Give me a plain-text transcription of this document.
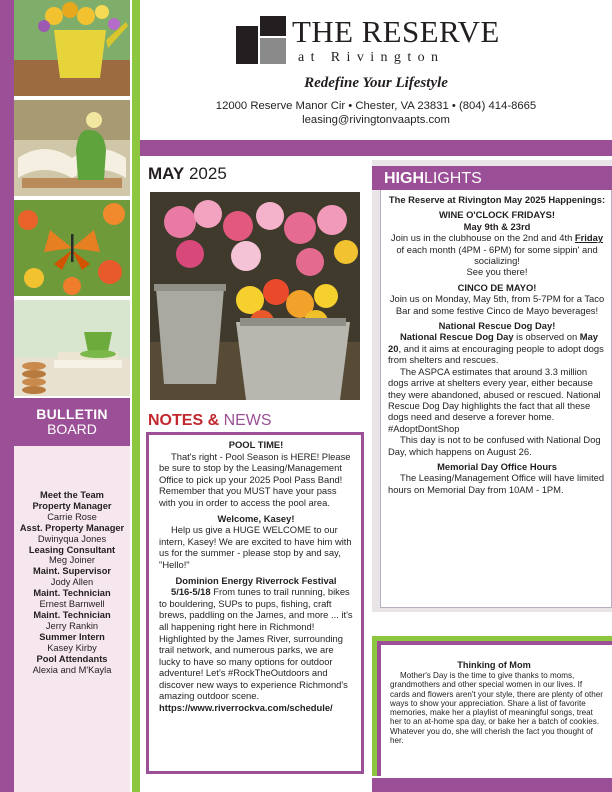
BULLETIN
BOARD
Meet the Team
Property Manager
Carrie Rose
Asst. Property Manager
Dwinyqua Jones
Leasing Consultant
Meg Joiner
Maint. Supervisor
Jody Allen
Maint. Technician
Ernest Barnwell
Maint. Technician
Jerry Rankin
Summer Intern
Kasey Kirby
Pool Attendants
Alexia and M'Kayla
THE RESERVE
at Rivington
Redefine Your Lifestyle
12000 Reserve Manor Cir • Chester, VA 23831 • (804) 414-8665
leasing@rivingtonvaapts.com
MAY 2025
NOTES & NEWS
POOL TIME!
That's right - Pool Season is HERE! Please be sure to stop by the Leasing/Management Office to pick up your 2025 Pool Pass Band! Remember that you MUST have your pass with you in order to access the pool area.
Welcome, Kasey!
Help us give a HUGE WELCOME to our intern, Kasey! We are excited to have him with us for the summer - please stop by and say, "Hello!"
Dominion Energy Riverrock Festival
5/16-5/18 From tunes to trail running, bikes to bouldering, SUPs to pups, fishing, craft brews, paddling on the James, and more ... it's all happening right here in Richmond! Highlighted by the James River, surrounding trail network, and numerous parks, we are lucky to have so many options for outdoor adventure! Let's #RockTheOutdoors and discover new ways to experience Richmond's amazing outdoor scene. https://www.riverrockva.com/schedule/
HIGHLIGHTS
The Reserve at Rivington May 2025 Happenings:
WINE O'CLOCK FRIDAYS!
May 9th & 23rd
Join us in the clubhouse on the 2nd and 4th Friday of each month (4PM - 6PM) for some sippin' and socializing!
See you there!
CINCO DE MAYO!
Join us on Monday, May 5th, from 5-7PM for a Taco Bar and some festive Cinco de Mayo beverages!
National Rescue Dog Day!
National Rescue Dog Day is observed on May 20, and it aims at encouraging people to adopt dogs from shelters and rescues.
The ASPCA estimates that around 3.3 million dogs arrive at shelters every year, either because they were abandoned, abused or rescued. National Rescue Dog Day highlights the fact that all these dogs need and deserve a forever home. #AdoptDontShop
This day is not to be confused with National Dog Day, which happens on August 26.
Memorial Day Office Hours
The Leasing/Management Office will have limited hours on Memorial Day from 10AM - 1PM.
Thinking of Mom
Mother's Day is the time to give thanks to moms, grandmothers and other special women in our lives. If cards and flowers aren't your style, there are plenty of other ways to show your appreciation. Share a list of favorite memories, make her a playlist of meaningful songs, treat her to an at-home spa day, or bake her a batch of cookies. Whatever you do, she will cherish the fact you thought of her.
